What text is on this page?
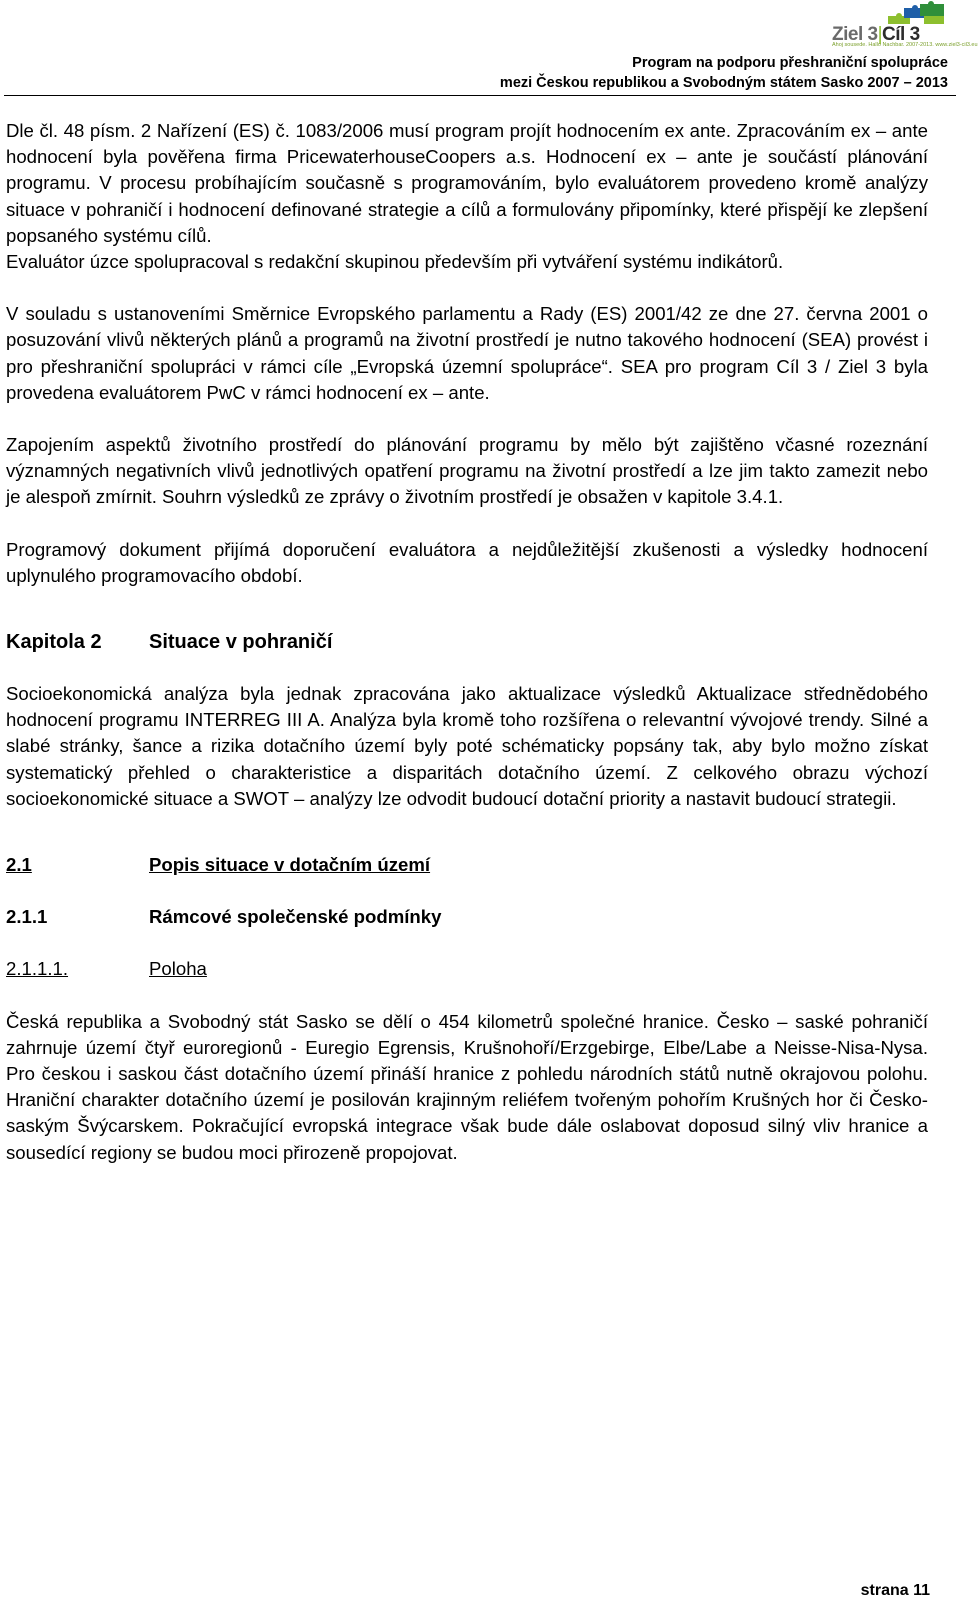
Ziel 3|Cíl 3
Ahoj sousede. Hallo Nachbar. 2007-2013. www.ziel3-cil3.eu
Program na podporu přeshraniční spolupráce
mezi Českou republikou a Svobodným státem Sasko 2007 – 2013

Dle čl. 48 písm. 2 Nařízení (ES) č. 1083/2006 musí program projít hodnocením ex ante. Zpracováním ex – ante hodnocení byla pověřena firma PricewaterhouseCoopers a.s. Hodnocení ex – ante je součástí plánování programu. V procesu probíhajícím současně s programováním, bylo evaluátorem provedeno kromě analýzy situace v pohraničí i hodnocení definované strategie a cílů a formulovány připomínky, které přispějí ke zlepšení popsaného systému cílů.

Evaluátor úzce spolupracoval s redakční skupinou především při vytváření systému indikátorů.

V souladu s ustanoveními Směrnice Evropského parlamentu a Rady (ES) 2001/42 ze dne 27. června 2001 o posuzování vlivů některých plánů a programů na životní prostředí je nutno takového hodnocení (SEA) provést i pro přeshraniční spolupráci v rámci cíle „Evropská územní spolupráce“. SEA pro program Cíl 3 / Ziel 3 byla provedena evaluátorem PwC v rámci hodnocení ex – ante.

Zapojením aspektů životního prostředí do plánování programu by mělo být zajištěno včasné rozeznání významných negativních vlivů jednotlivých opatření programu na životní prostředí a lze jim takto zamezit nebo je alespoň zmírnit. Souhrn výsledků ze zprávy o životním prostředí je obsažen v kapitole 3.4.1.

Programový dokument přijímá doporučení evaluátora a nejdůležitější zkušenosti a výsledky hodnocení uplynulého programovacího období.

Kapitola 2	Situace v pohraničí

Socioekonomická analýza byla jednak zpracována jako aktualizace výsledků Aktualizace střednědobého hodnocení programu INTERREG III A. Analýza byla kromě toho rozšířena o relevantní vývojové trendy. Silné a slabé stránky, šance a rizika dotačního území byly poté schématicky popsány tak, aby bylo možno získat systematický přehled o charakteristice a disparitách dotačního území. Z celkového obrazu výchozí socioekonomické situace a SWOT – analýzy lze odvodit budoucí dotační priority a nastavit budoucí strategii.

2.1	Popis situace v dotačním území
2.1.1	Rámcové společenské podmínky
2.1.1.1.	Poloha

Česká republika a Svobodný stát Sasko se dělí o 454 kilometrů společné hranice. Česko – saské pohraničí zahrnuje území čtyř euroregionů - Euregio Egrensis, Krušnohoří/Erzgebirge, Elbe/Labe a Neisse-Nisa-Nysa. Pro českou i saskou část dotačního území přináší hranice z pohledu národních států nutně okrajovou polohu. Hraniční charakter dotačního území je posilován krajinným reliéfem tvořeným pohořím Krušných hor či Česko-saským Švýcarskem. Pokračující evropská integrace však bude dále oslabovat doposud silný vliv hranice a sousedící regiony se budou moci přirozeně propojovat.

strana 11
